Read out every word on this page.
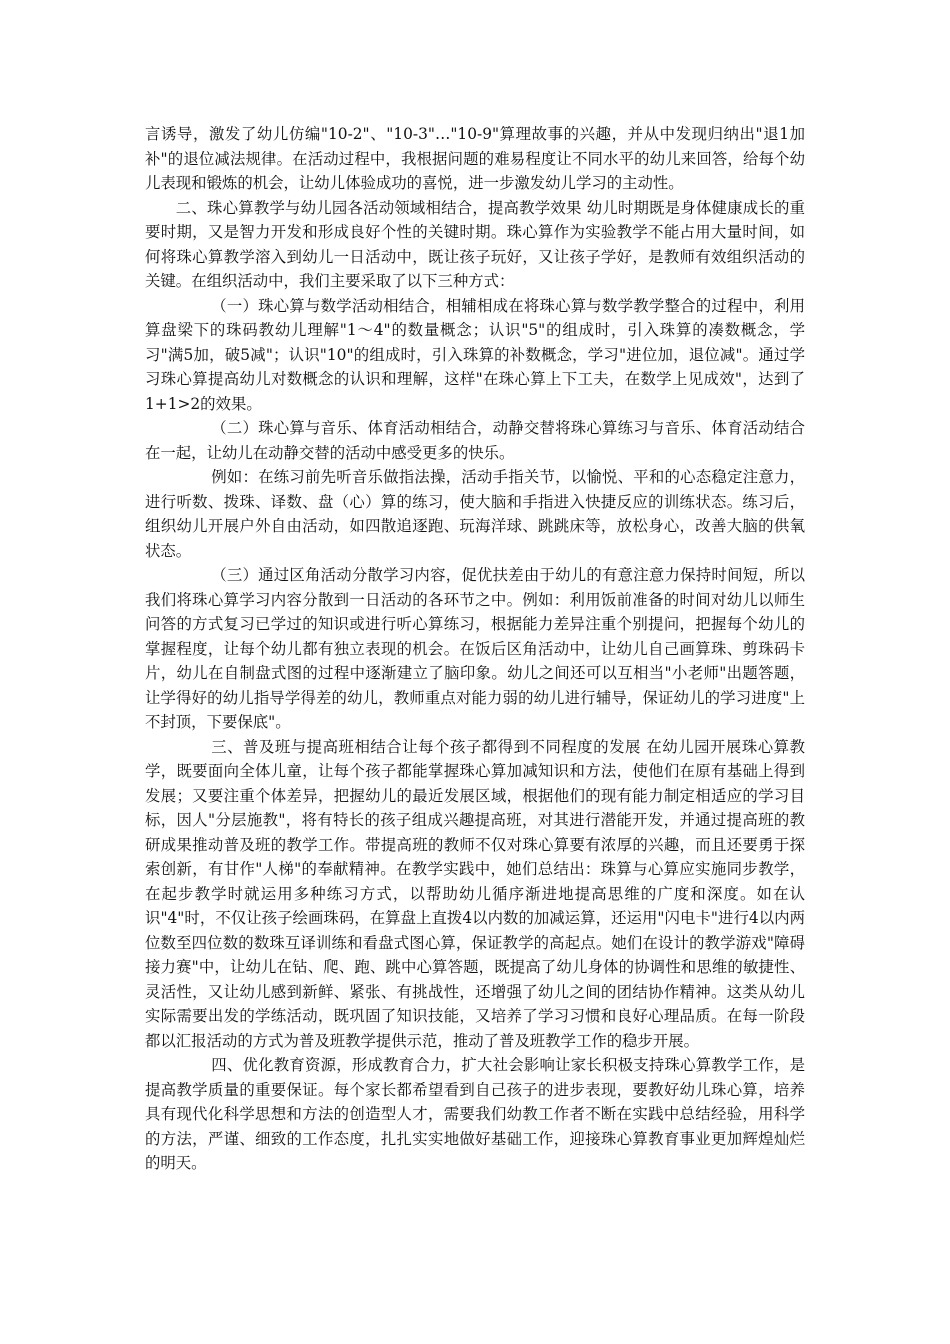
言诱导，激发了幼儿仿编"10-2"、"10-3"…"10-9"算理故事的兴趣，并从中发现归纳出"退1加补"的退位减法规律。在活动过程中，我根据问题的难易程度让不同水平的幼儿来回答，给每个幼儿表现和锻炼的机会，让幼儿体验成功的喜悦，进一步激发幼儿学习的主动性。

二、珠心算教学与幼儿园各活动领域相结合，提高教学效果 幼儿时期既是身体健康成长的重要时期，又是智力开发和形成良好个性的关键时期。珠心算作为实验教学不能占用大量时间，如何将珠心算教学溶入到幼儿一日活动中，既让孩子玩好，又让孩子学好，是教师有效组织活动的关键。在组织活动中，我们主要采取了以下三种方式：

（一）珠心算与数学活动相结合，相辅相成在将珠心算与数学教学整合的过程中，利用算盘梁下的珠码教幼儿理解"1～4"的数量概念；认识"5"的组成时，引入珠算的凑数概念，学习"满5加，破5减"；认识"10"的组成时，引入珠算的补数概念，学习"进位加，退位减"。通过学习珠心算提高幼儿对数概念的认识和理解，这样"在珠心算上下工夫，在数学上见成效"，达到了1+1>2的效果。

（二）珠心算与音乐、体育活动相结合，动静交替将珠心算练习与音乐、体育活动结合在一起，让幼儿在动静交替的活动中感受更多的快乐。

例如：在练习前先听音乐做指法操，活动手指关节，以愉悦、平和的心态稳定注意力，进行听数、拨珠、译数、盘（心）算的练习，使大脑和手指进入快捷反应的训练状态。练习后，组织幼儿开展户外自由活动，如四散追逐跑、玩海洋球、跳跳床等，放松身心，改善大脑的供氧状态。

（三）通过区角活动分散学习内容，促优扶差由于幼儿的有意注意力保持时间短，所以我们将珠心算学习内容分散到一日活动的各环节之中。例如：利用饭前准备的时间对幼儿以师生问答的方式复习已学过的知识或进行听心算练习，根据能力差异注重个别提问，把握每个幼儿的掌握程度，让每个幼儿都有独立表现的机会。在饭后区角活动中，让幼儿自己画算珠、剪珠码卡片，幼儿在自制盘式图的过程中逐渐建立了脑印象。幼儿之间还可以互相当"小老师"出题答题，让学得好的幼儿指导学得差的幼儿，教师重点对能力弱的幼儿进行辅导，保证幼儿的学习进度"上不封顶，下要保底"。

三、普及班与提高班相结合让每个孩子都得到不同程度的发展 在幼儿园开展珠心算教学，既要面向全体儿童，让每个孩子都能掌握珠心算加减知识和方法，使他们在原有基础上得到发展；又要注重个体差异，把握幼儿的最近发展区域，根据他们的现有能力制定相适应的学习目标，因人"分层施教"，将有特长的孩子组成兴趣提高班，对其进行潜能开发，并通过提高班的教研成果推动普及班的教学工作。带提高班的教师不仅对珠心算要有浓厚的兴趣，而且还要勇于探索创新，有甘作"人梯"的奉献精神。在教学实践中，她们总结出：珠算与心算应实施同步教学，在起步教学时就运用多种练习方式，以帮助幼儿循序渐进地提高思维的广度和深度。如在认识"4"时，不仅让孩子绘画珠码，在算盘上直拨4以内数的加减运算，还运用"闪电卡"进行4以内两位数至四位数的数珠互译训练和看盘式图心算，保证教学的高起点。她们在设计的教学游戏"障碍接力赛"中，让幼儿在钻、爬、跑、跳中心算答题，既提高了幼儿身体的协调性和思维的敏捷性、灵活性，又让幼儿感到新鲜、紧张、有挑战性，还增强了幼儿之间的团结协作精神。这类从幼儿实际需要出发的学练活动，既巩固了知识技能，又培养了学习习惯和良好心理品质。在每一阶段都以汇报活动的方式为普及班教学提供示范，推动了普及班教学工作的稳步开展。

四、优化教育资源，形成教育合力，扩大社会影响让家长积极支持珠心算教学工作，是提高教学质量的重要保证。每个家长都希望看到自己孩子的进步表现，要教好幼儿珠心算，培养具有现代化科学思想和方法的创造型人才，需要我们幼教工作者不断在实践中总结经验，用科学的方法，严谨、细致的工作态度，扎扎实实地做好基础工作，迎接珠心算教育事业更加辉煌灿烂的明天。
